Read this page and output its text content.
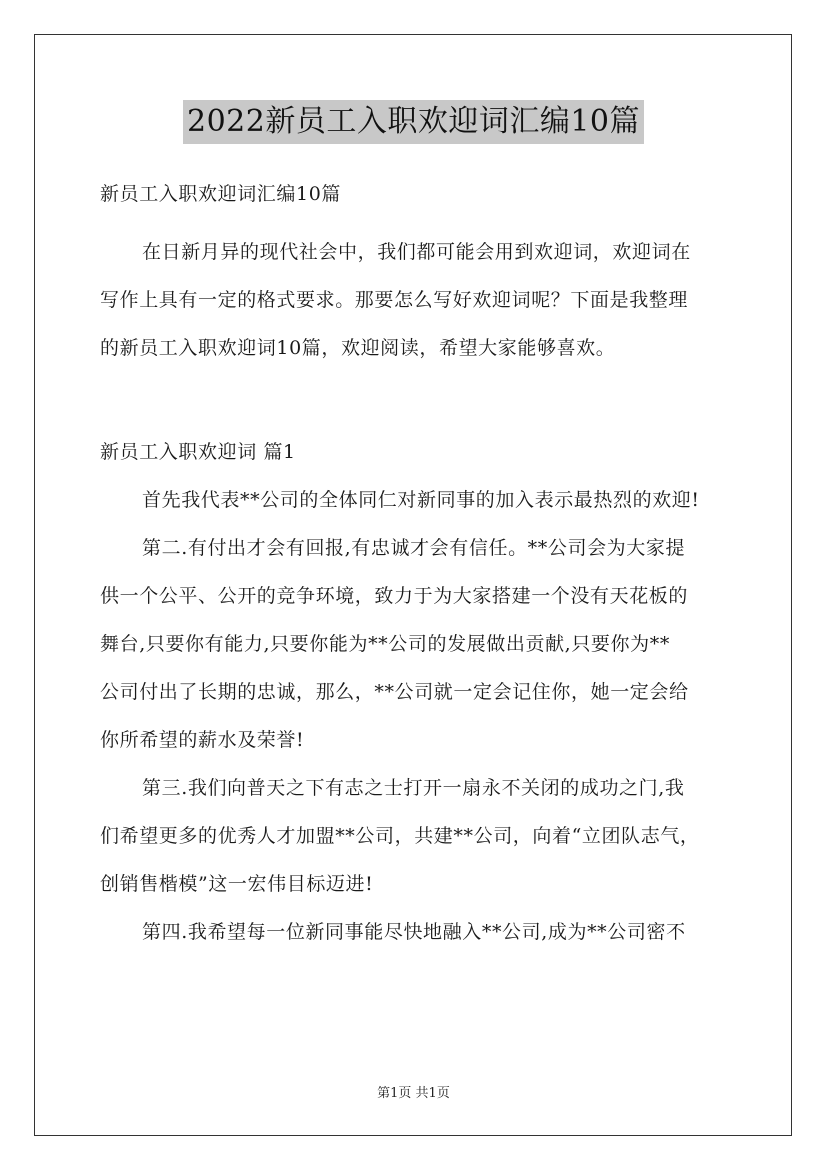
2022新员工入职欢迎词汇编10篇

新员工入职欢迎词汇编10篇

在日新月异的现代社会中，我们都可能会用到欢迎词，欢迎词在

写作上具有一定的格式要求。那要怎么写好欢迎词呢？下面是我整理

的新员工入职欢迎词10篇，欢迎阅读，希望大家能够喜欢。

新员工入职欢迎词 篇1

首先我代表**公司的全体同仁对新同事的加入表示最热烈的欢迎!

第二.有付出才会有回报,有忠诚才会有信任。**公司会为大家提

供一个公平、公开的竞争环境，致力于为大家搭建一个没有天花板的

舞台,只要你有能力,只要你能为**公司的发展做出贡献,只要你为**

公司付出了长期的忠诚，那么，**公司就一定会记住你，她一定会给

你所希望的薪水及荣誉!

第三.我们向普天之下有志之士打开一扇永不关闭的成功之门,我

们希望更多的优秀人才加盟**公司，共建**公司，向着“立团队志气，

创销售楷模”这一宏伟目标迈进!

第四.我希望每一位新同事能尽快地融入**公司,成为**公司密不

第1页 共1页
